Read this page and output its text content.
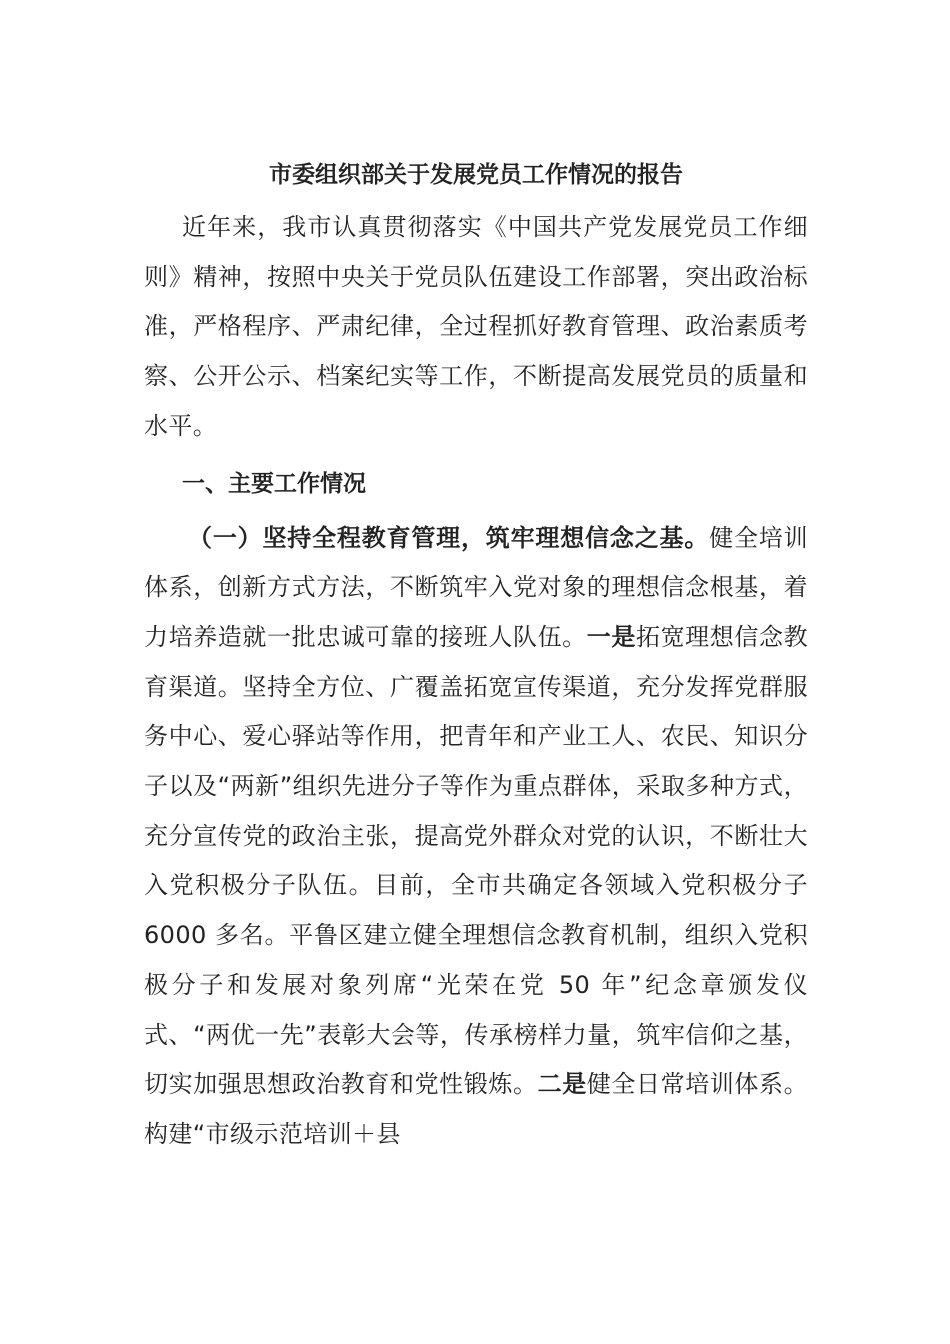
市委组织部关于发展党员工作情况的报告

近年来，我市认真贯彻落实《中国共产党发展党员工作细则》精神，按照中央关于党员队伍建设工作部署，突出政治标准，严格程序、严肃纪律，全过程抓好教育管理、政治素质考察、公开公示、档案纪实等工作，不断提高发展党员的质量和水平。

一、主要工作情况

（一）坚持全程教育管理，筑牢理想信念之基。健全培训体系，创新方式方法，不断筑牢入党对象的理想信念根基，着力培养造就一批忠诚可靠的接班人队伍。一是拓宽理想信念教育渠道。坚持全方位、广覆盖拓宽宣传渠道，充分发挥党群服务中心、爱心驿站等作用，把青年和产业工人、农民、知识分子以及“两新”组织先进分子等作为重点群体，采取多种方式，充分宣传党的政治主张，提高党外群众对党的认识，不断壮大入党积极分子队伍。目前，全市共确定各领域入党积极分子 6000 多名。平鲁区建立健全理想信念教育机制，组织入党积极分子和发展对象列席“光荣在党 50 年”纪念章颁发仪式、“两优一先”表彰大会等，传承榜样力量，筑牢信仰之基，切实加强思想政治教育和党性锻炼。二是健全日常培训体系。构建“市级示范培训＋县
